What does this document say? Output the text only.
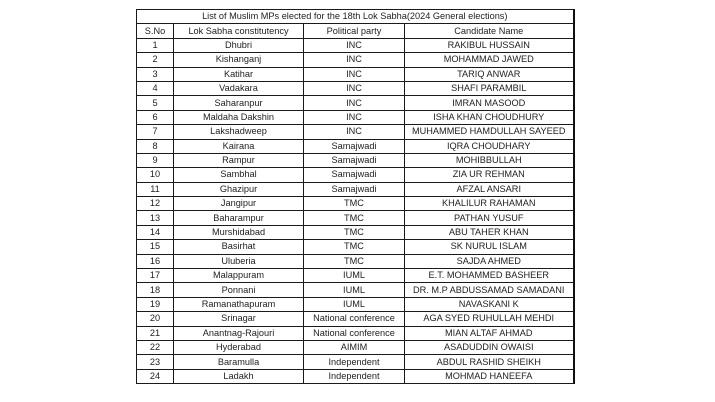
List of Muslim MPs elected for the 18th Lok Sabha(2024 General elections)			
S.No	Lok Sabha constitutency	Political party	Candidate Name
1	Dhubri	INC	RAKIBUL HUSSAIN
2	Kishanganj	INC	MOHAMMAD JAWED
3	Katihar	INC	TARIQ ANWAR
4	Vadakara	INC	SHAFI PARAMBIL
5	Saharanpur	INC	IMRAN MASOOD
6	Maldaha Dakshin	INC	ISHA KHAN CHOUDHURY
7	Lakshadweep	INC	MUHAMMED HAMDULLAH SAYEED
8	Kairana	Samajwadi	IQRA CHOUDHARY
9	Rampur	Samajwadi	MOHIBBULLAH
10	Sambhal	Samajwadi	ZIA UR REHMAN
11	Ghazipur	Samajwadi	AFZAL ANSARI
12	Jangipur	TMC	KHALILUR RAHAMAN
13	Baharampur	TMC	PATHAN YUSUF
14	Murshidabad	TMC	ABU TAHER KHAN
15	Basirhat	TMC	SK NURUL ISLAM
16	Uluberia	TMC	SAJDA AHMED
17	Malappuram	IUML	E.T. MOHAMMED BASHEER
18	Ponnani	IUML	DR. M.P ABDUSSAMAD SAMADANI
19	Ramanathapuram	IUML	NAVASKANI K
20	Srinagar	National conference	AGA SYED RUHULLAH MEHDI
21	Anantnag-Rajouri	National conference	MIAN ALTAF AHMAD
22	Hyderabad	AIMIM	ASADUDDIN OWAISI
23	Baramulla	Independent	ABDUL RASHID SHEIKH
24	Ladakh	Independent	MOHMAD HANEEFA
